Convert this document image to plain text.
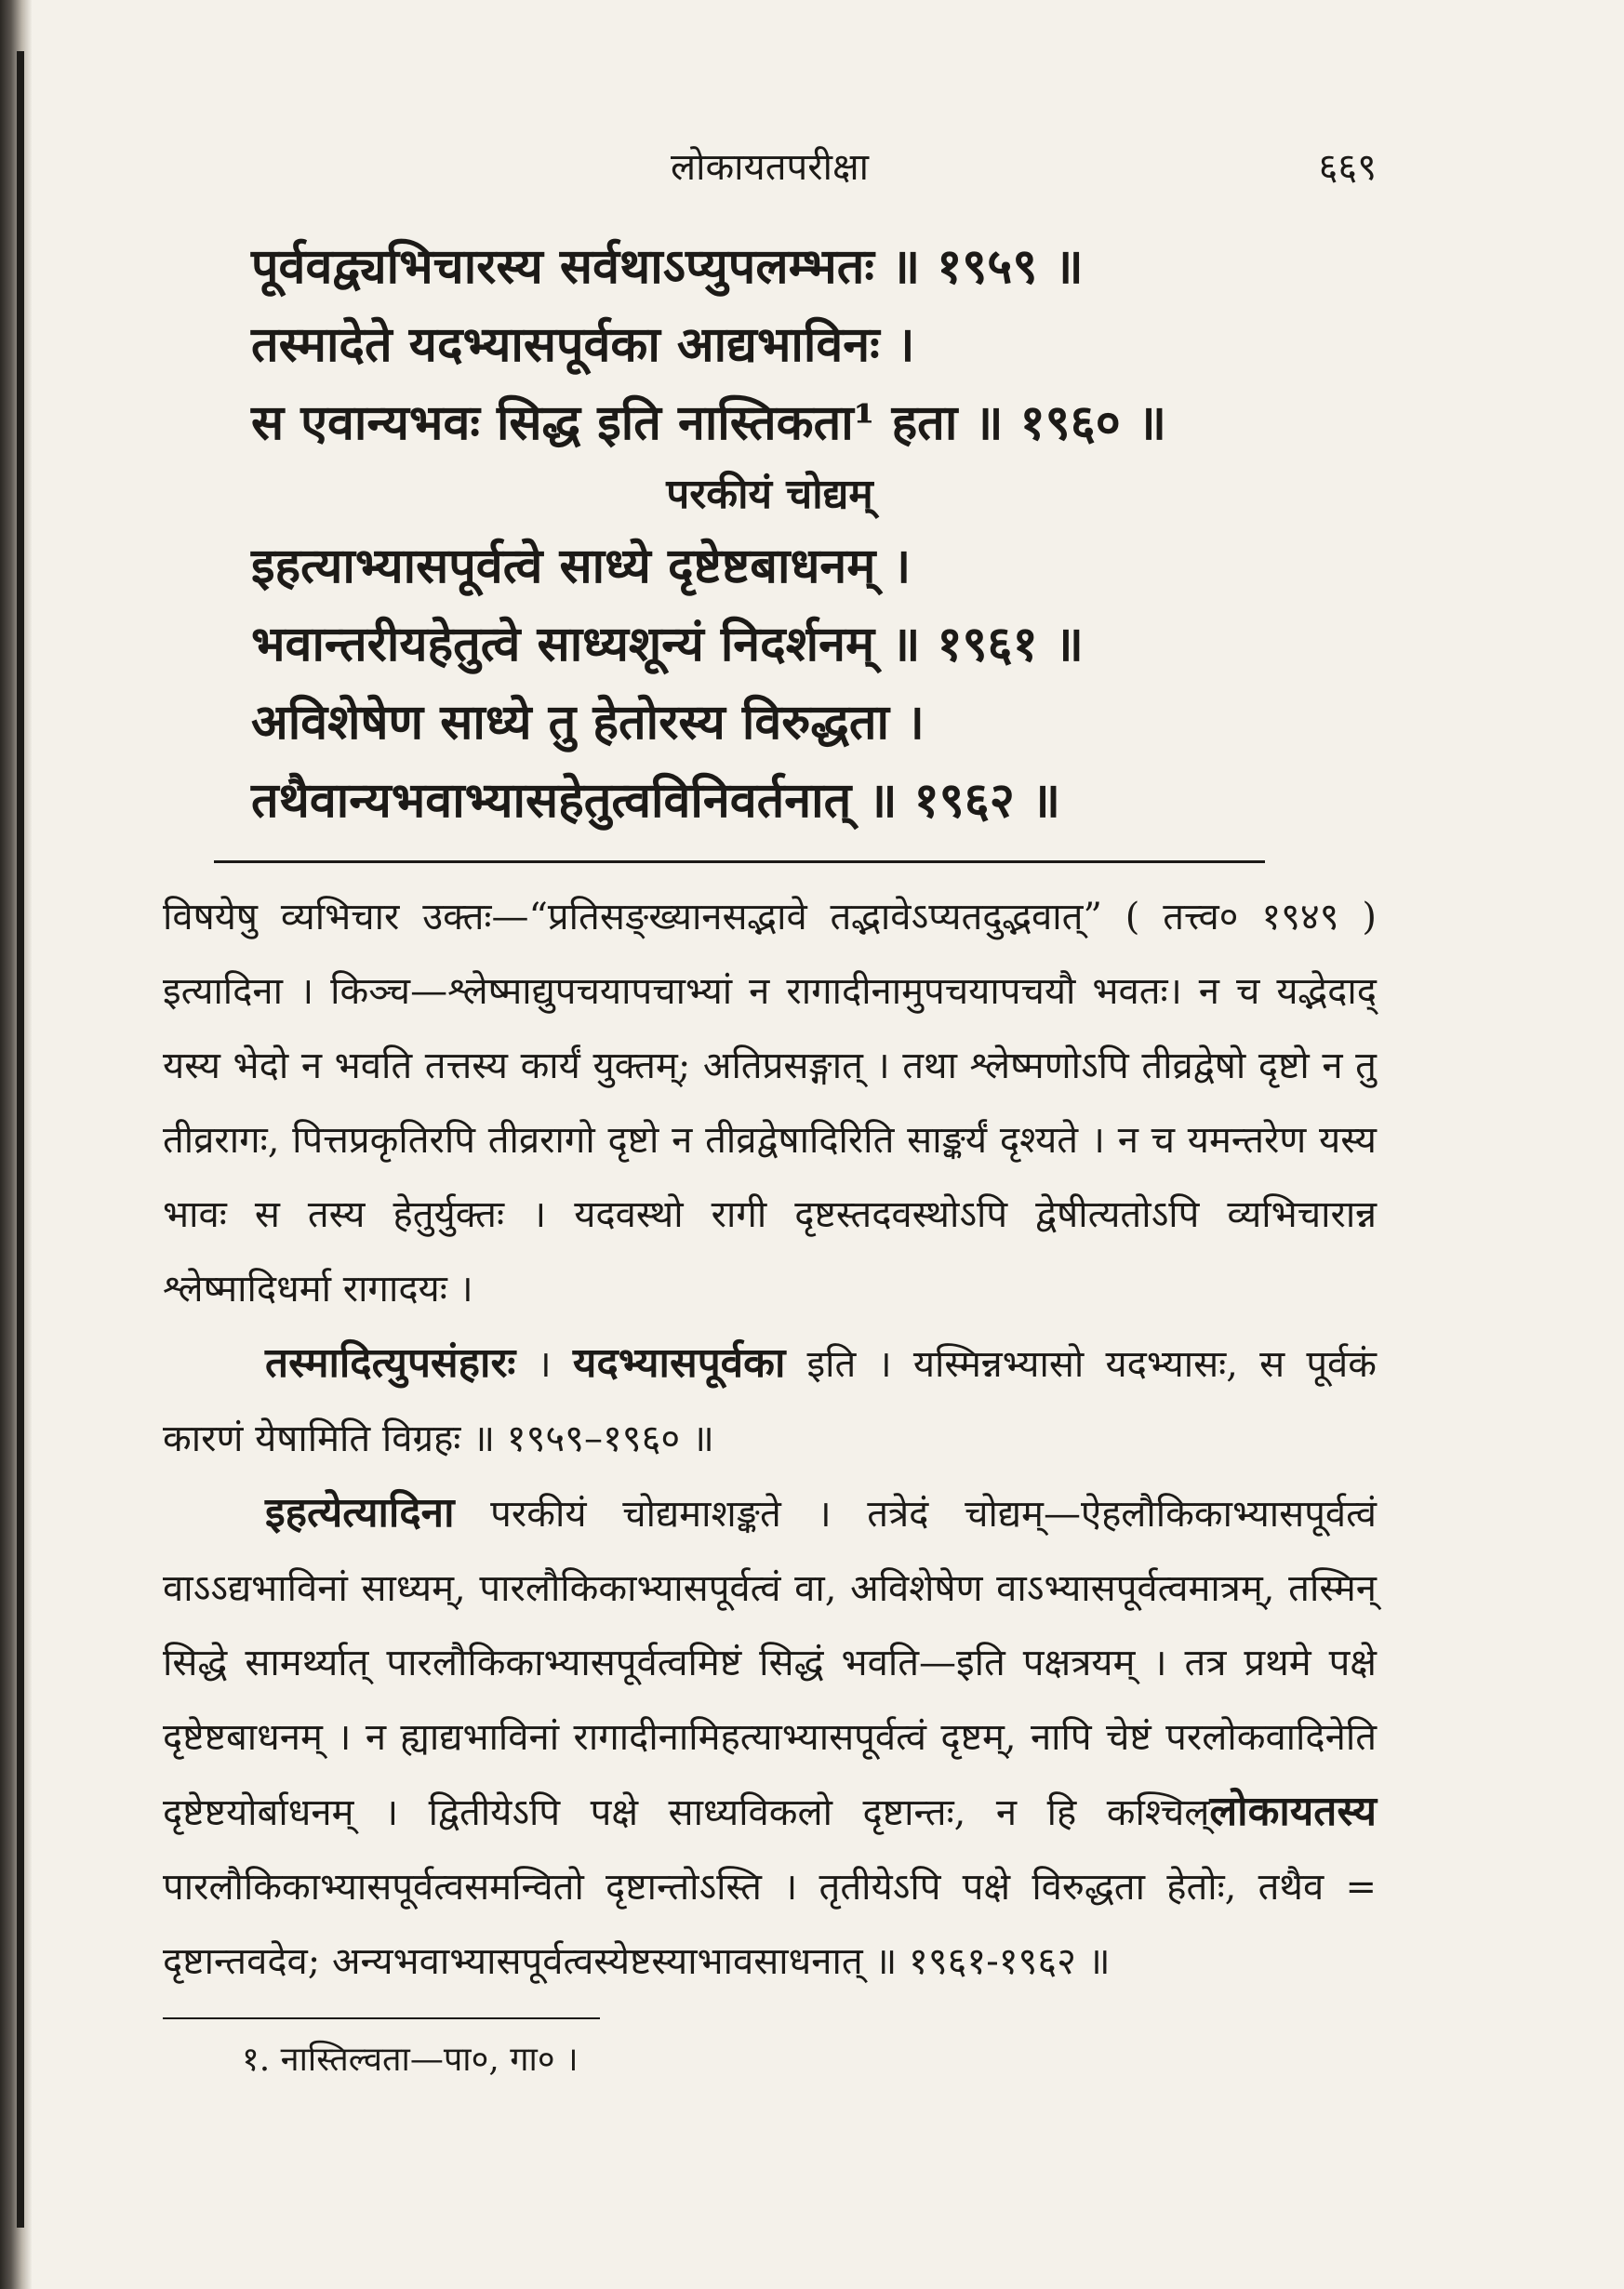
लोकायतपरीक्षा	६६९
पूर्ववद्व्यभिचारस्य सर्वथाऽप्युपलम्भतः ॥ १९५९ ॥
तस्मादेते यदभ्यासपूर्वका आद्यभाविनः ।
स एवान्यभवः सिद्ध इति नास्तिकता¹ हता ॥ १९६० ॥
परकीयं चोद्यम्
इहत्याभ्यासपूर्वत्वे साध्ये दृष्टेष्टबाधनम् ।
भवान्तरीयहेतुत्वे साध्यशून्यं निदर्शनम् ॥ १९६१ ॥
अविशेषेण साध्ये तु हेतोरस्य विरुद्धता ।
तथैवान्यभवाभ्यासहेतुत्वविनिवर्तनात् ॥ १९६२ ॥

विषयेषु व्यभिचार उक्तः—“प्रतिसङ्ख्यानसद्भावे तद्भावेऽप्यतदुद्भवात्” ( तत्त्व० १९४९ ) इत्यादिना । किञ्च—श्लेष्माद्युपचयापचाभ्यां न रागादीनामुपचयापचयौ भवतः। न च यद्भेदाद् यस्य भेदो न भवति तत्तस्य कार्यं युक्तम्; अतिप्रसङ्गात् । तथा श्लेष्मणोऽपि तीव्रद्वेषो दृष्टो न तु तीव्ररागः, पित्तप्रकृतिरपि तीव्ररागो दृष्टो न तीव्रद्वेषादिरिति साङ्कर्यं दृश्यते । न च यमन्तरेण यस्य भावः स तस्य हेतुर्युक्तः । यदवस्थो रागी दृष्टस्तदवस्थोऽपि द्वेषीत्यतोऽपि व्यभिचारान्न श्लेष्मादिधर्मा रागादयः ।

तस्मादित्युपसंहारः । यदभ्यासपूर्वका इति । यस्मिन्नभ्यासो यदभ्यासः, स पूर्वकं कारणं येषामिति विग्रहः ॥ १९५९–१९६० ॥

इहत्येत्यादिना परकीयं चोद्यमाशङ्कते । तत्रेदं चोद्यम्—ऐहलौकिकाभ्यासपूर्वत्वं वाऽऽद्यभाविनां साध्यम्, पारलौकिकाभ्यासपूर्वत्वं वा, अविशेषेण वाऽभ्यासपूर्वत्वमात्रम्, तस्मिन् सिद्धे सामर्थ्यात् पारलौकिकाभ्यासपूर्वत्वमिष्टं सिद्धं भवति—इति पक्षत्रयम् । तत्र प्रथमे पक्षे दृष्टेष्टबाधनम् । न ह्याद्यभाविनां रागादीनामिहत्याभ्यासपूर्वत्वं दृष्टम्, नापि चेष्टं परलोकवादिनेति दृष्टेष्टयोर्बाधनम् । द्वितीयेऽपि पक्षे साध्यविकलो दृष्टान्तः, न हि कश्चिल्लोकायतस्य पारलौकिकाभ्यासपूर्वत्वसमन्वितो दृष्टान्तोऽस्ति । तृतीयेऽपि पक्षे विरुद्धता हेतोः, तथैव = दृष्टान्तवदेव; अन्यभवाभ्यासपूर्वत्वस्येष्टस्याभावसाधनात् ॥ १९६१-१९६२ ॥

१. नास्तिल्वता—पा०, गा० ।
